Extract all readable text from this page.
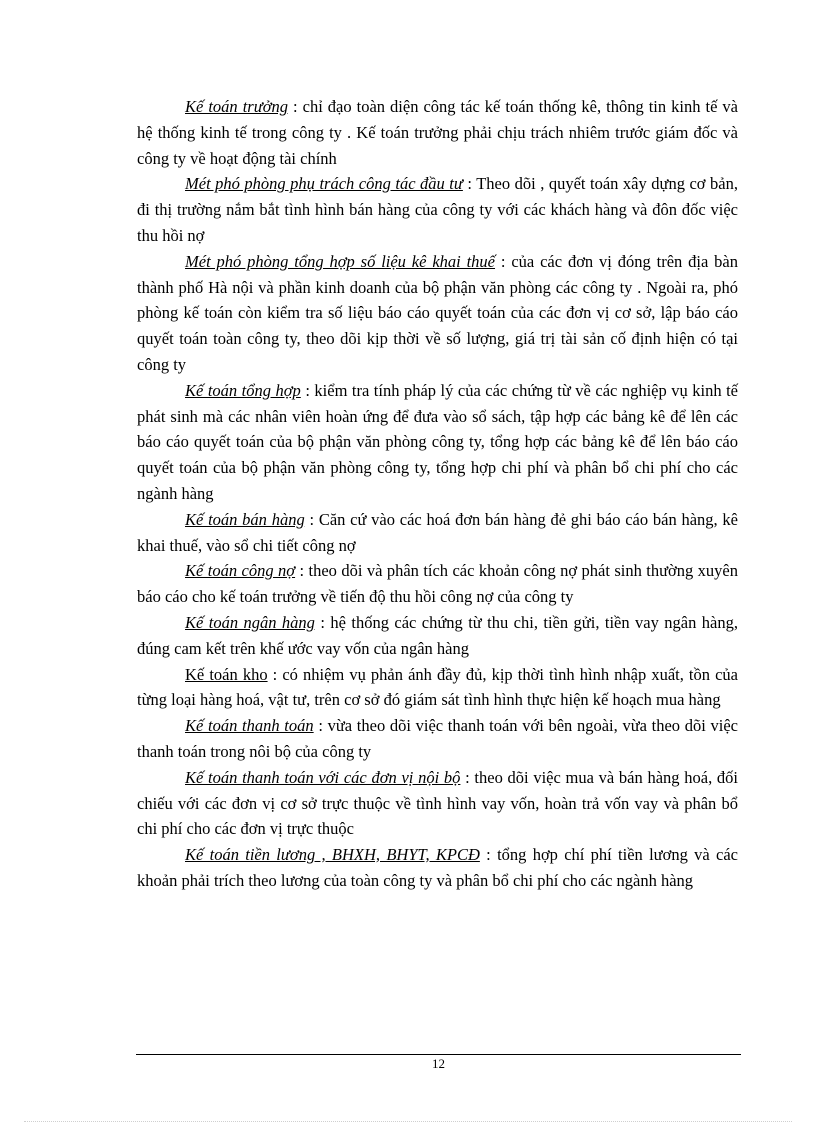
Kế toán trưởng : chỉ đạo toàn diện công tác kế toán thống kê, thông tin kinh tế và hệ thống kinh tế trong công ty . Kế toán trưởng phải chịu trách nhiêm trước giám đốc và công ty về hoạt động tài chính

Mét phó phòng phụ trách công tác đầu tư : Theo dõi , quyết toán xây dựng cơ bản, đi thị trường nắm bắt tình hình bán hàng của công ty với các khách hàng và đôn đốc việc thu hồi nợ

Mét phó phòng tổng hợp số liệu kê khai thuế : của các đơn vị đóng trên địa bàn thành phố Hà nội và phần kinh doanh của bộ phận văn phòng các công ty . Ngoài ra, phó phòng kế toán còn kiểm tra số liệu báo cáo quyết toán của các đơn vị cơ sở, lập báo cáo quyết toán toàn công ty, theo dõi kịp thời về số lượng, giá trị tài sản cố định hiện có tại công ty

Kế toán tổng hợp : kiểm tra tính pháp lý của các chứng từ về các nghiệp vụ kinh tế phát sinh mà các nhân viên hoàn ứng để đưa vào sổ sách, tập hợp các bảng kê để lên các báo cáo quyết toán của bộ phận văn phòng công ty, tổng hợp các bảng kê để lên báo cáo quyết toán của bộ phận văn phòng công ty, tổng hợp chi phí và phân bổ chi phí cho các ngành hàng

Kế toán bán hàng : Căn cứ vào các hoá đơn bán hàng đẻ ghi báo cáo bán hàng, kê khai thuế, vào sổ chi tiết công nợ

Kế toán công nợ : theo dõi và phân tích các khoản công nợ phát sinh thường xuyên báo cáo cho kế toán trưởng về tiến độ thu hồi công nợ của công ty

Kế toán ngân hàng : hệ thống các chứng từ thu chi, tiền gửi, tiền vay ngân hàng, đúng cam kết trên khế ước vay vốn của ngân hàng

Kế toán kho : có nhiệm vụ phản ánh đầy đủ, kịp thời tình hình nhập xuất, tồn của từng loại hàng hoá, vật tư, trên cơ sở đó giám sát tình hình thực hiện kế hoạch mua hàng

Kế toán thanh toán : vừa theo dõi việc thanh toán với bên ngoài, vừa theo dõi việc thanh toán trong nôi bộ của công ty

Kế toán thanh toán với các đơn vị nội bộ : theo dõi việc mua và bán hàng hoá, đối chiếu với các đơn vị cơ sở trực thuộc về tình hình vay vốn, hoàn trả vốn vay và phân bổ chi phí cho các đơn vị trực thuộc

Kế toán tiền lương , BHXH, BHYT, KPCĐ : tổng hợp chí phí tiền lương và các khoản phải trích theo lương của toàn công ty và phân bổ chi phí cho các ngành hàng

12
